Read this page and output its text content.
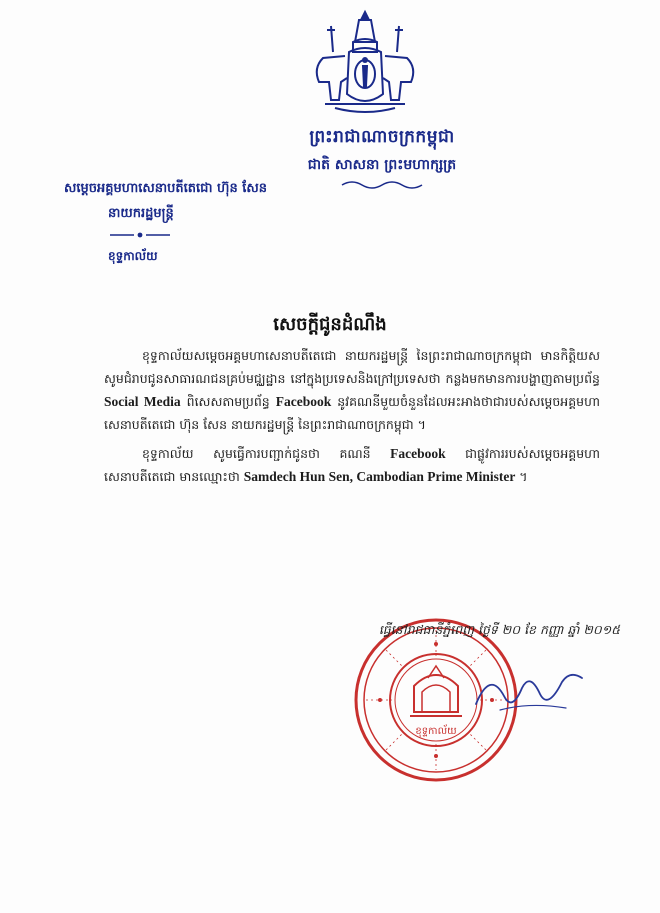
ព្រះរាជាណាចក្រកម្ពុជា
ជាតិ សាសនា ព្រះមហាក្សត្រ
សម្តេចអគ្គមហាសេនាបតីតេជោ ហ៊ុន សែន
នាយករដ្ឋមន្ត្រី
ខុទ្ទកាល័យ
សេចក្តីជូនដំណឹង

ខុទ្ទកាល័យសម្តេចអគ្គមហាសេនាបតីតេជោ នាយករដ្ឋមន្ត្រី នៃព្រះរាជាណាចក្រកម្ពុជា មានកិត្តិយស សូមជំរាបជូនសាធារណជនគ្រប់មជ្ឈដ្ឋាន នៅក្នុងប្រទេសនិងក្រៅប្រទេសថា កន្លងមកមានការបង្ហាញតាមប្រព័ន្ធ Social Media ពិសេសតាមប្រព័ន្ធ Facebook នូវគណនីមួយចំនួនដែលអះអាងថាជារបស់សម្តេចអគ្គមហាសេនាបតីតេជោ ហ៊ុន សែន នាយករដ្ឋមន្ត្រី នៃព្រះរាជាណាចក្រកម្ពុជា ។

ខុទ្ទកាល័យ សូមធ្វើការបញ្ជាក់ជូនថា គណនី Facebook ជាផ្លូវការរបស់សម្តេចអគ្គមហាសេនាបតីតេជោ មានឈ្មោះថា Samdech Hun Sen, Cambodian Prime Minister ។

ខុទ្ទកាល័យ
ធ្វើនៅរាជធានីភ្នំពេញ ថ្ងៃទី ២០ ខែ កញ្ញា ឆ្នាំ ២០១៥
